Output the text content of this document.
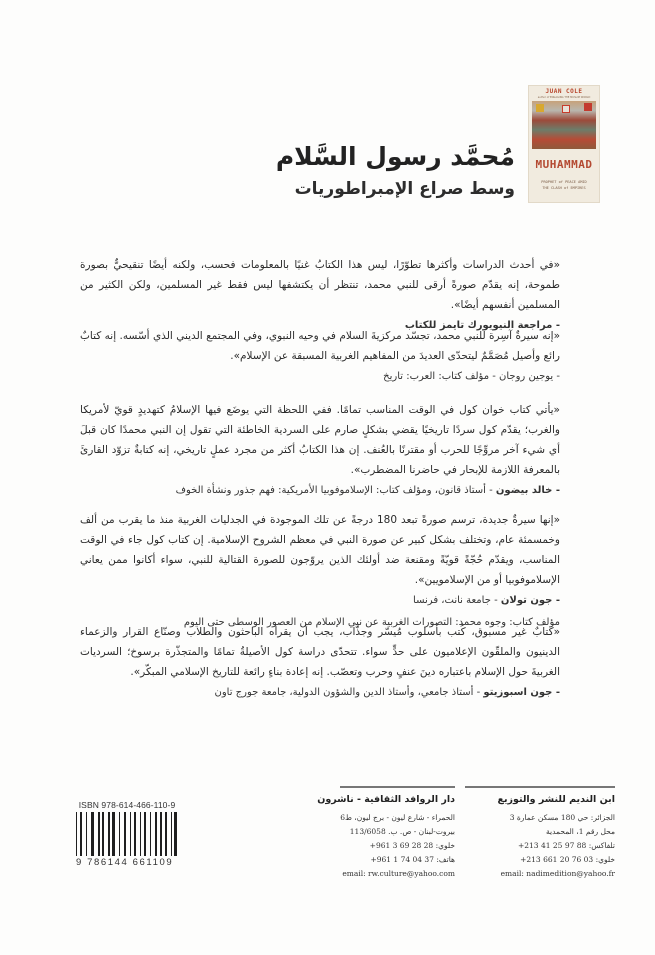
JUAN COLE
author of ENGAGING THE MUSLIM WORLD
MUHAMMAD
PROPHET of PEACE AMID
THE CLASH of EMPIRES
مُحمَّد رسول السَّلام
وسط صراع الإمبراطوريات
«في أحدث الدراسات وأكثرها تطوّرًا، ليس هذا الكتابُ غنيًا بالمعلومات فحسب، ولكنه أيضًا تنقيحيٌّ بصورة طموحة، إنه يقدّم صورةً أرقى للنبي محمد، تنتظر أن يكتشفها ليس فقط غير المسلمين، ولكن الكثير من المسلمين أنفسهم أيضًا».
- مراجعة النيويورك تايمز للكتاب
«إنه سيرةٌ آسِرة للنبي محمد، تجسّد مركزيةَ السلام في وحيه النبوي، وفي المجتمع الديني الذي أسّسه. إنه كتابٌ رائع وأصيل مُصَمَّمٌ ليتحدّى العديدَ من المفاهيم الغربية المسبقة عن الإسلام».
- يوجين روجان - مؤلف كتاب: العرب: تاريخ
«يأتي كتاب خوان كول في الوقت المناسب تمامًا. ففي اللحظة التي يوضَع فيها الإسلامُ كتهديدٍ قويّ لأمريكا والغرب؛ يقدّم كول سردًا تاريخيًا يقضي بشكلٍ صارم على السردية الخاطئة التي تقول إن النبي محمدًا كان قبلَ أي شيء آخر مروِّجًا للحرب أو مقترنًا بالعُنف. إن هذا الكتابُ أكثر من مجرد عملٍ تاريخي، إنه كتابةٌ تزوّد القارئَ بالمعرفة اللازمة للإبحار في حاضرنا المضطرب».
- خالد بيضون - أستاذ قانون، ومؤلف كتاب: الإسلاموفوبيا الأمريكية: فهم جذور ونشأة الخوف
«إنها سيرةٌ جديدة، ترسم صورةً تبعد 180 درجةً عن تلك الموجودة في الجدليات الغربية منذ ما يقرب من ألف وخمسمئة عام، وتختلف بشكل كبير عن صورة النبي في معظم الشروح الإسلامية. إن كتاب كول جاء في الوقت المناسب، ويقدّم حُجّةً قويّةً ومقنعة ضد أولئك الذين يروّجون للصورة القتالية للنبي، سواء أكانوا ممن يعاني الإسلاموفوبيا أو من الإسلامويين».
- جون تولان - جامعة نانت، فرنسا
مؤلف كتاب: وجوه محمد: التصورات الغربية عن نبي الإسلام من العصور الوسطى حتى اليوم
«كتابٌ غير مسبوق، كُتب بأسلوب مُيسّر وجذّاب، يجب أن يقرأه الباحثون والطلاب وصنّاع القرار والزعماء الدينيون والملقّون الإعلاميون على حدٍّ سواء. تتحدّى دراسة كول الأصيلةُ تمامًا والمتجذّرة برسوخ؛ السرديات الغربيةَ حول الإسلام باعتباره دينَ عنفٍ وحرب وتعصّب. إنه إعادة بناءٍ رائعة للتاريخ الإسلامي المبكّر».
- جون اسبوزيتو - أستاذ جامعي، وأستاذ الدين والشؤون الدولية، جامعة جورج تاون
ابن النديم للنشر والتوزيع
الجزائر: حي 180 مسكن عمارة 3
محل رقم 1، المحمدية
تلفاكس: +213 41 25 97 88
خلوي: +213 661 20 76 03
email: nadimedition@yahoo.fr
دار الروافد الثقافية - ناشرون
الحمراء - شارع ليون - برج ليون، ط6
بيروت-لبنان - ص. ب. 113/6058
خلوي: +961 3 69 28 28
هاتف: +961 1 74 04 37
email: rw.culture@yahoo.com
ISBN 978-614-466-110-9
9 786144 661109
